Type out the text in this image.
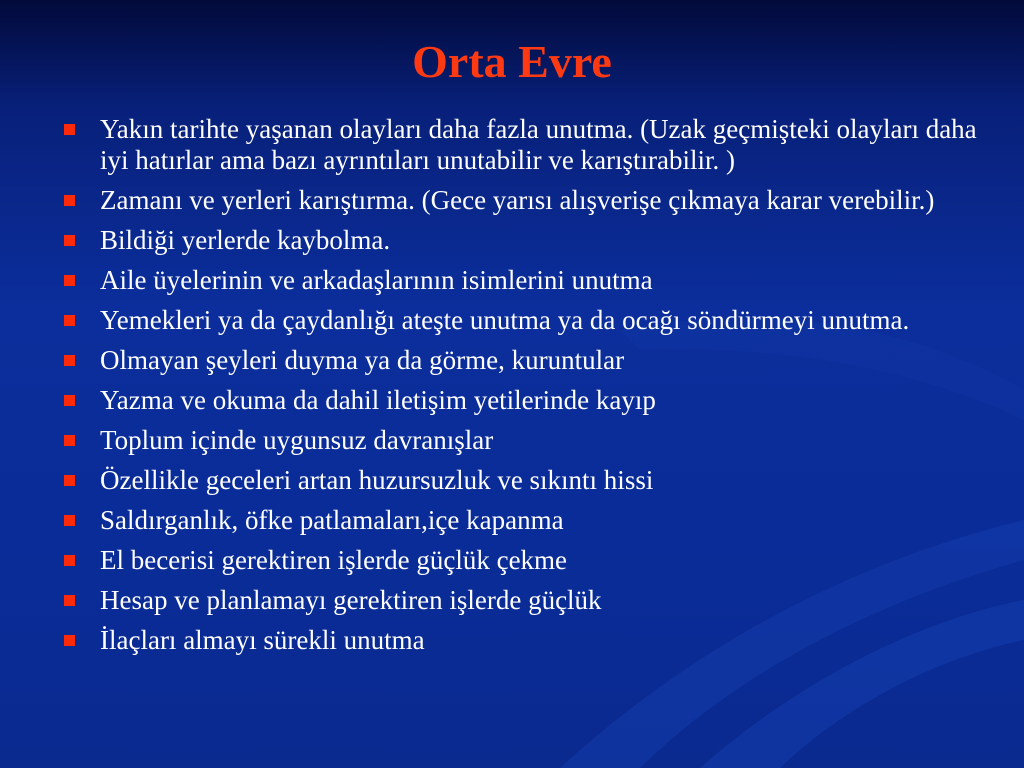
Orta Evre
Yakın tarihte yaşanan olayları daha fazla unutma. (Uzak geçmişteki olayları daha iyi hatırlar ama bazı ayrıntıları unutabilir ve karıştırabilir. )
Zamanı ve yerleri karıştırma. (Gece yarısı alışverişe çıkmaya karar verebilir.)
Bildiği yerlerde kaybolma.
Aile üyelerinin ve arkadaşlarının isimlerini unutma
Yemekleri ya da çaydanlığı ateşte unutma ya da ocağı söndürmeyi unutma.
Olmayan şeyleri duyma ya da görme, kuruntular
Yazma ve okuma da dahil iletişim yetilerinde kayıp
Toplum içinde uygunsuz davranışlar
Özellikle geceleri artan huzursuzluk ve sıkıntı hissi
Saldırganlık, öfke patlamaları,içe kapanma
El becerisi gerektiren işlerde güçlük çekme
Hesap ve planlamayı gerektiren işlerde güçlük
İlaçları almayı sürekli unutma
